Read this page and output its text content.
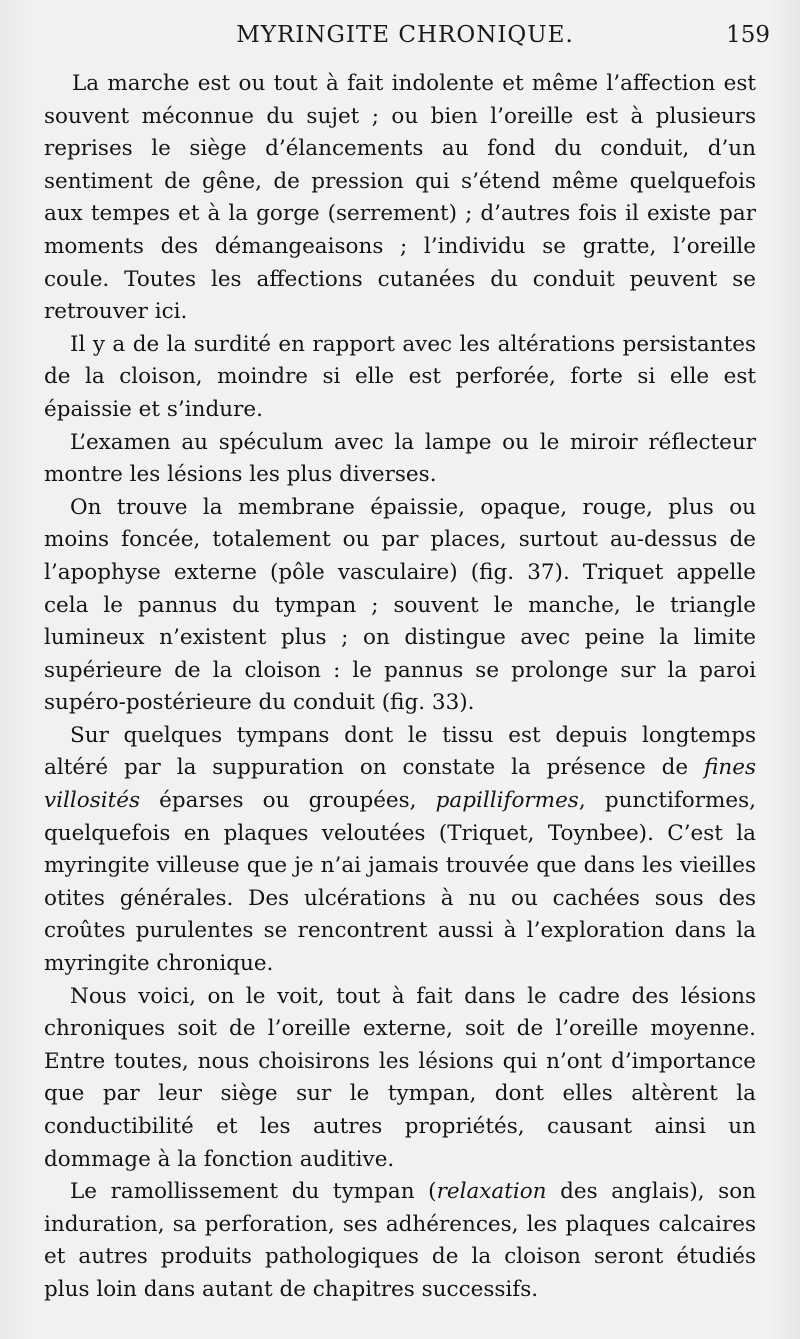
MYRINGITE CHRONIQUE.	159

La marche est ou tout à fait indolente et même l’affection est souvent méconnue du sujet ; ou bien l’oreille est à plusieurs reprises le siège d’élancements au fond du conduit, d’un sentiment de gêne, de pression qui s’étend même quelquefois aux tempes et à la gorge (serrement) ; d’autres fois il existe par moments des démangeaisons ; l’individu se gratte, l’oreille coule. Toutes les affections cutanées du conduit peuvent se retrouver ici.

Il y a de la surdité en rapport avec les altérations persistantes de la cloison, moindre si elle est perforée, forte si elle est épaissie et s’indure.

L’examen au spéculum avec la lampe ou le miroir réflecteur montre les lésions les plus diverses.

On trouve la membrane épaissie, opaque, rouge, plus ou moins foncée, totalement ou par places, surtout au-dessus de l’apophyse externe (pôle vasculaire) (fig. 37). Triquet appelle cela le pannus du tympan ; souvent le manche, le triangle lumineux n’existent plus ; on distingue avec peine la limite supérieure de la cloison : le pannus se prolonge sur la paroi supéro-postérieure du conduit (fig. 33).

Sur quelques tympans dont le tissu est depuis longtemps altéré par la suppuration on constate la présence de fines villosités éparses ou groupées, papilliformes, punctiformes, quelquefois en plaques veloutées (Triquet, Toynbee). C’est la myringite villeuse que je n’ai jamais trouvée que dans les vieilles otites générales. Des ulcérations à nu ou cachées sous des croûtes purulentes se rencontrent aussi à l’exploration dans la myringite chronique.

Nous voici, on le voit, tout à fait dans le cadre des lésions chroniques soit de l’oreille externe, soit de l’oreille moyenne. Entre toutes, nous choisirons les lésions qui n’ont d’importance que par leur siège sur le tympan, dont elles altèrent la conductibilité et les autres propriétés, causant ainsi un dommage à la fonction auditive.

Le ramollissement du tympan (relaxation des anglais), son induration, sa perforation, ses adhérences, les plaques calcaires et autres produits pathologiques de la cloison seront étudiés plus loin dans autant de chapitres successifs.
